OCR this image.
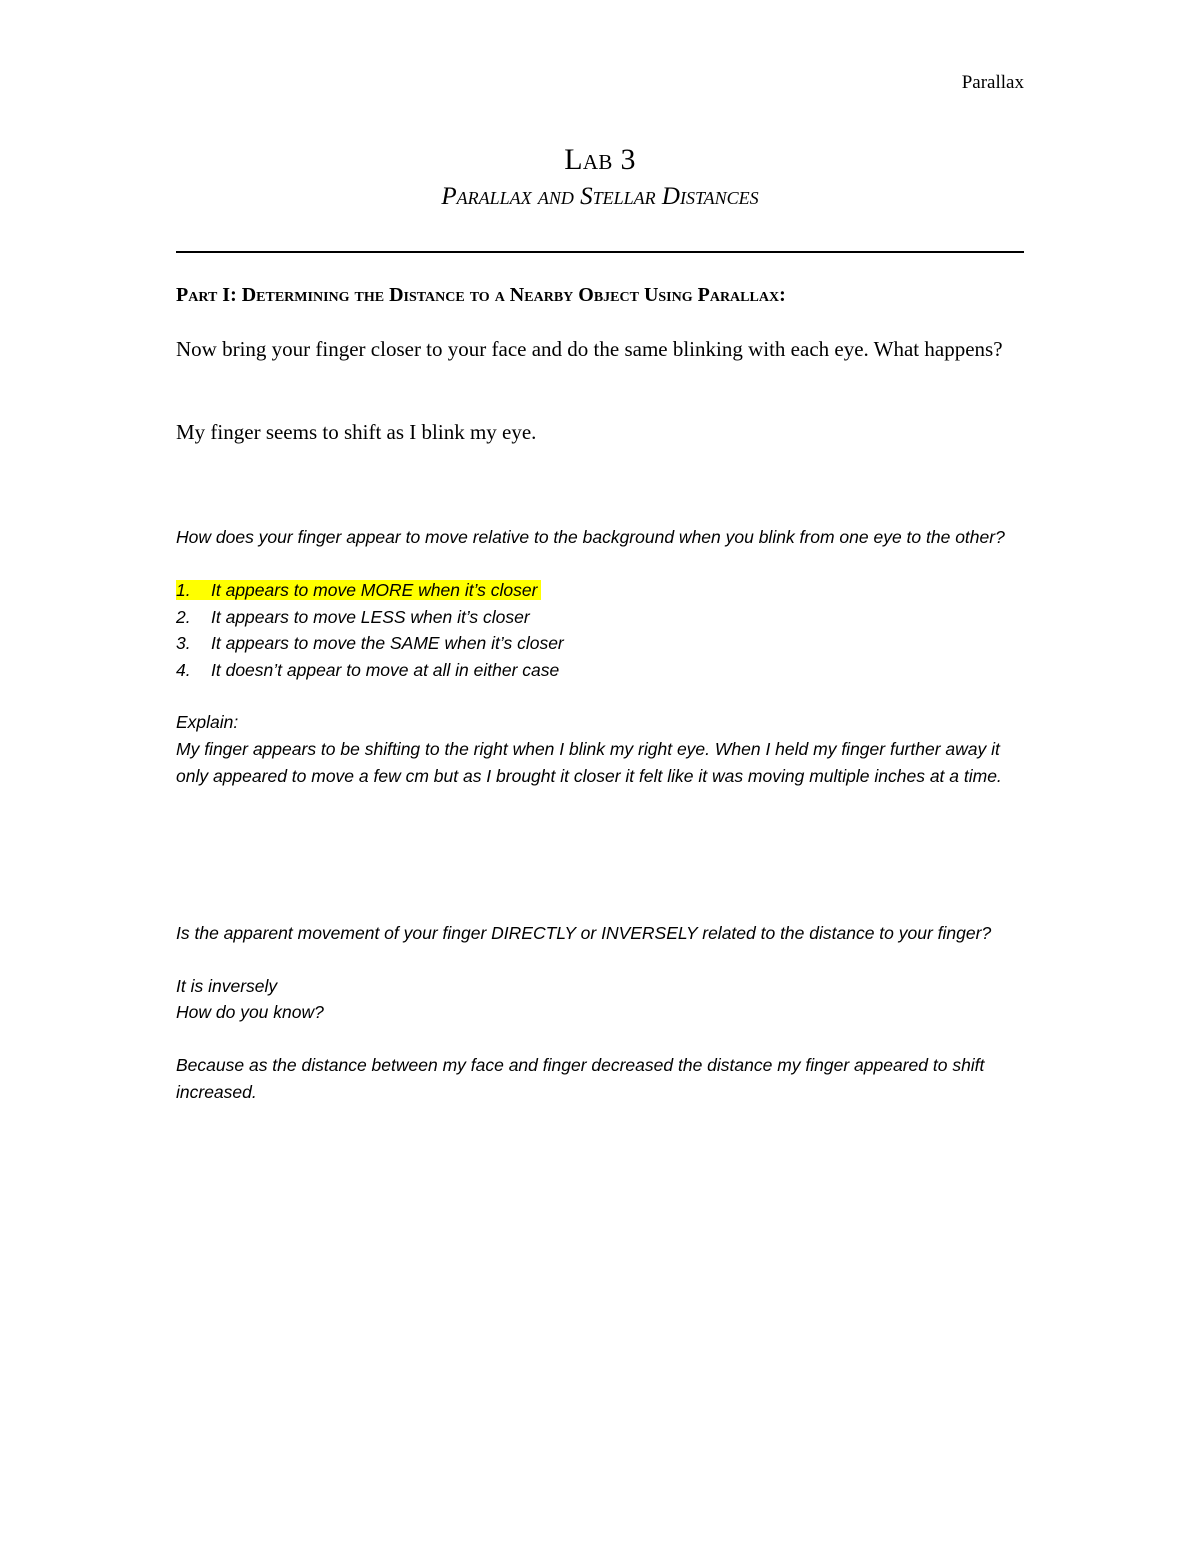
Parallax
Lab 3
Parallax and Stellar Distances
Part I: Determining the Distance to a Nearby Object Using Parallax:
Now bring your finger closer to your face and do the same blinking with each eye. What happens?
My finger seems to shift as I blink my eye.
How does your finger appear to move relative to the background when you blink from one eye to the other?
1. It appears to move MORE when it’s closer
2. It appears to move LESS when it’s closer
3. It appears to move the SAME when it’s closer
4. It doesn’t appear to move at all in either case
Explain:
My finger appears to be shifting to the right when I blink my right eye. When I held my finger further away it only appeared to move a few cm but as I brought it closer it felt like it was moving multiple inches at a time.
Is the apparent movement of your finger DIRECTLY or INVERSELY related to the distance to your finger?
It is inversely
How do you know?
Because as the distance between my face and finger decreased the distance my finger appeared to shift increased.
